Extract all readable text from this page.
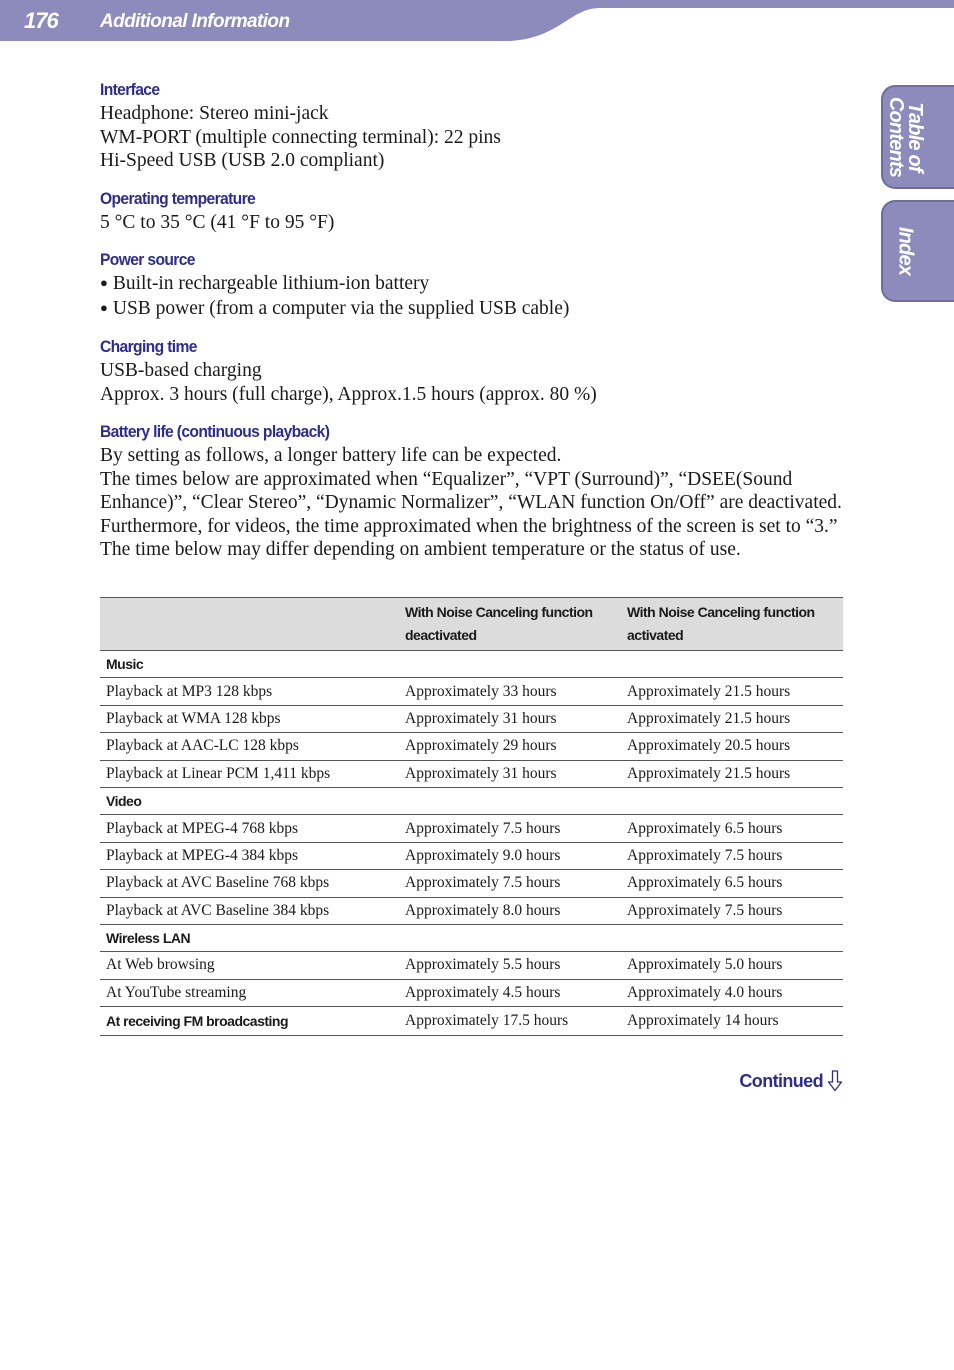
176 Additional Information
Table of
Contents
Index

Interface

Headphone: Stereo mini-jack

WM-PORT (multiple connecting terminal): 22 pins

Hi-Speed USB (USB 2.0 compliant)

Operating temperature

5 °C to 35 °C (41 °F to 95 °F)

Power source

● Built-in rechargeable lithium-ion battery

● USB power (from a computer via the supplied USB cable)

Charging time

USB-based charging

Approx. 3 hours (full charge), Approx.1.5 hours (approx. 80 %)

Battery life (continuous playback)

By setting as follows, a longer battery life can be expected.

The times below are approximated when “Equalizer”, “VPT (Surround)”, “DSEE(Sound Enhance)”, “Clear Stereo”, “Dynamic Normalizer”, “WLAN function On/Off” are deactivated. Furthermore, for videos, the time approximated when the brightness of the screen is set to “3.”

The time below may differ depending on ambient temperature or the status of use.

	With Noise Canceling function deactivated	With Noise Canceling function activated
Music		
Playback at MP3 128 kbps	Approximately 33 hours	Approximately 21.5 hours
Playback at WMA 128 kbps	Approximately 31 hours	Approximately 21.5 hours
Playback at AAC-LC 128 kbps	Approximately 29 hours	Approximately 20.5 hours
Playback at Linear PCM 1,411 kbps	Approximately 31 hours	Approximately 21.5 hours
Video		
Playback at MPEG-4 768 kbps	Approximately 7.5 hours	Approximately 6.5 hours
Playback at MPEG-4 384 kbps	Approximately 9.0 hours	Approximately 7.5 hours
Playback at AVC Baseline 768 kbps	Approximately 7.5 hours	Approximately 6.5 hours
Playback at AVC Baseline 384 kbps	Approximately 8.0 hours	Approximately 7.5 hours
Wireless LAN		
At Web browsing	Approximately 5.5 hours	Approximately 5.0 hours
At YouTube streaming	Approximately 4.5 hours	Approximately 4.0 hours
At receiving FM broadcasting	Approximately 17.5 hours	Approximately 14 hours
Continued
